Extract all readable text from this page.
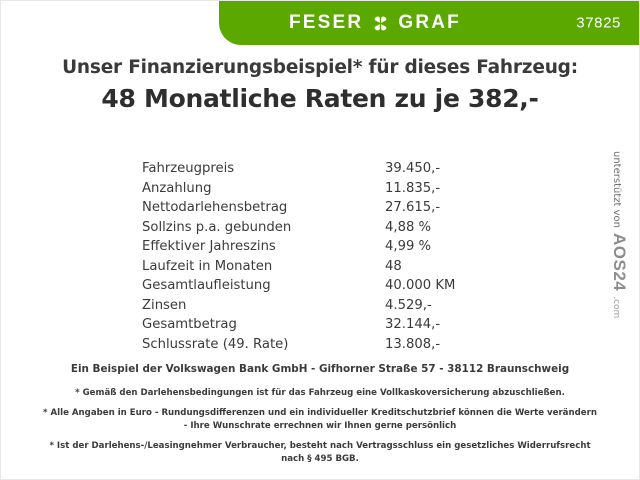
FESER GRAF	37825
Unser Finanzierungsbeispiel* für dieses Fahrzeug:
48 Monatliche Raten zu je 382,-
Fahrzeugpreis	39.450,-
Anzahlung	11.835,-
Nettodarlehensbetrag	27.615,-
Sollzins p.a. gebunden	4,88 %
Effektiver Jahreszins	4,99 %
Laufzeit in Monaten	48
Gesamtlaufleistung	40.000 KM
Zinsen	4.529,-
Gesamtbetrag	32.144,-
Schlussrate (49. Rate)	13.808,-
Ein Beispiel der Volkswagen Bank GmbH - Gifhorner Straße 57 - 38112 Braunschweig
* Gemäß den Darlehensbedingungen ist für das Fahrzeug eine Vollkaskoversicherung abzuschließen.
* Alle Angaben in Euro - Rundungsdifferenzen und ein individueller Kreditschutzbrief können die Werte verändern
- Ihre Wunschrate errechnen wir Ihnen gerne persönlich
* Ist der Darlehens-/Leasingnehmer Verbraucher, besteht nach Vertragsschluss ein gesetzliches Widerrufsrecht
nach § 495 BGB.
unterstützt von
AOS24
.com
